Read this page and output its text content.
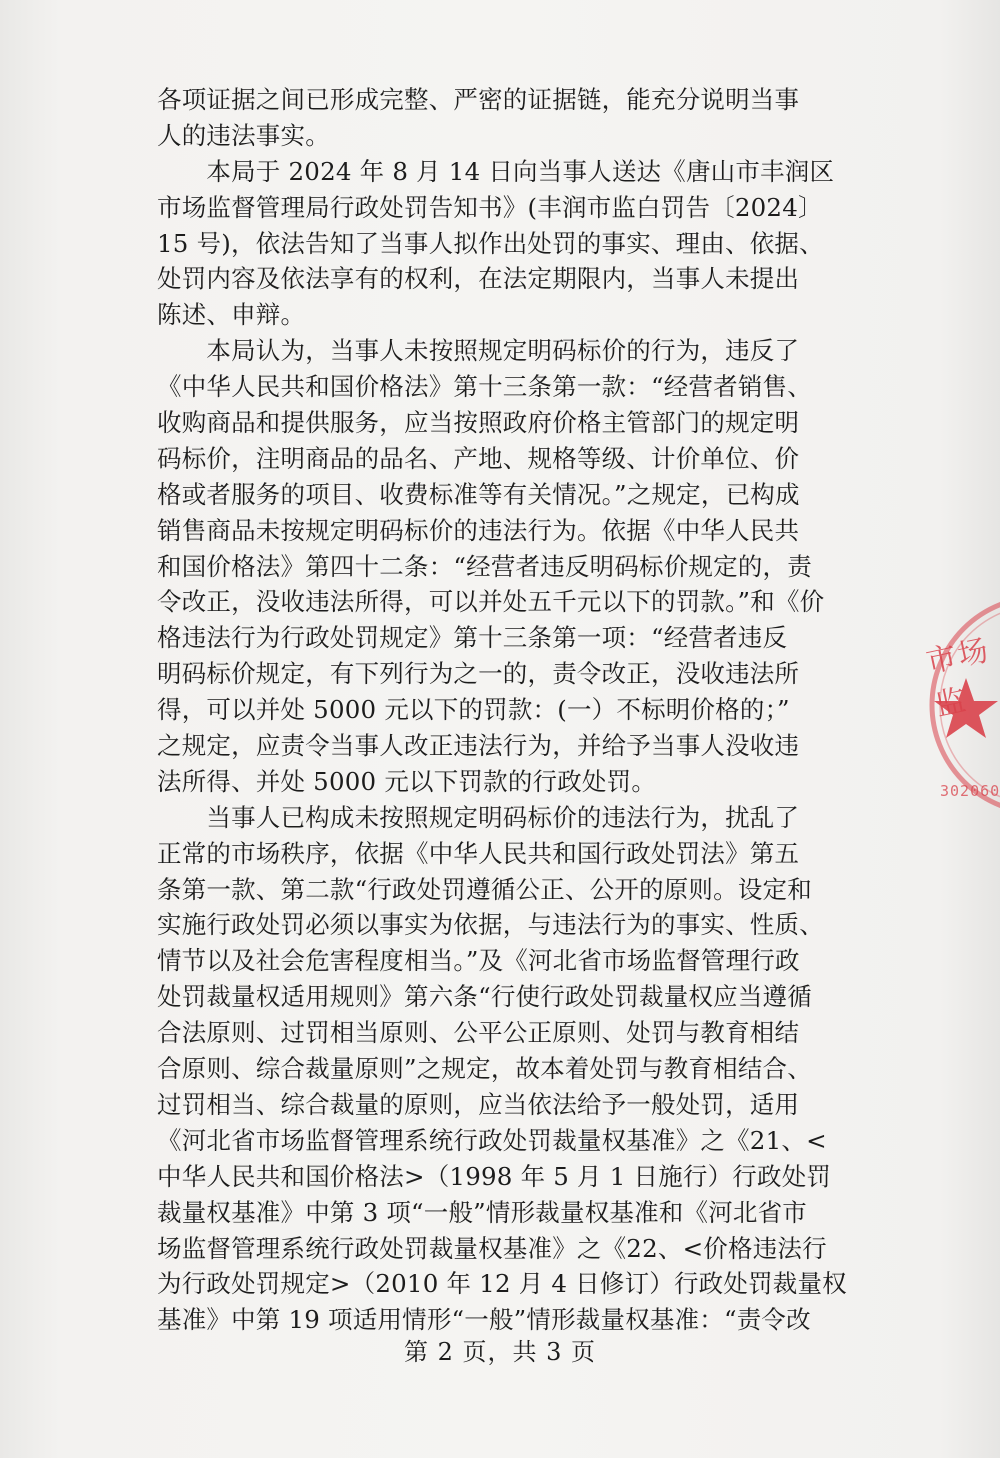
各项证据之间已形成完整、严密的证据链，能充分说明当事
人的违法事实。
　　本局于 2024 年 8 月 14 日向当事人送达《唐山市丰润区
市场监督管理局行政处罚告知书》(丰润市监白罚告〔2024〕
15 号)，依法告知了当事人拟作出处罚的事实、理由、依据、
处罚内容及依法享有的权利，在法定期限内，当事人未提出
陈述、申辩。
　　本局认为，当事人未按照规定明码标价的行为，违反了
《中华人民共和国价格法》第十三条第一款：“经营者销售、
收购商品和提供服务，应当按照政府价格主管部门的规定明
码标价，注明商品的品名、产地、规格等级、计价单位、价
格或者服务的项目、收费标准等有关情况。”之规定，已构成
销售商品未按规定明码标价的违法行为。依据《中华人民共
和国价格法》第四十二条：“经营者违反明码标价规定的，责
令改正，没收违法所得，可以并处五千元以下的罚款。”和《价
格违法行为行政处罚规定》第十三条第一项：“经营者违反
明码标价规定，有下列行为之一的，责令改正，没收违法所
得，可以并处 5000 元以下的罚款：(一）不标明价格的；”
之规定，应责令当事人改正违法行为，并给予当事人没收违
法所得、并处 5000 元以下罚款的行政处罚。
　　当事人已构成未按照规定明码标价的违法行为，扰乱了
正常的市场秩序，依据《中华人民共和国行政处罚法》第五
条第一款、第二款“行政处罚遵循公正、公开的原则。设定和
实施行政处罚必须以事实为依据，与违法行为的事实、性质、
情节以及社会危害程度相当。”及《河北省市场监督管理行政
处罚裁量权适用规则》第六条“行使行政处罚裁量权应当遵循
合法原则、过罚相当原则、公平公正原则、处罚与教育相结
合原则、综合裁量原则”之规定，故本着处罚与教育相结合、
过罚相当、综合裁量的原则，应当依法给予一般处罚，适用
《河北省市场监督管理系统行政处罚裁量权基准》之《21、<
中华人民共和国价格法>（1998 年 5 月 1 日施行）行政处罚
裁量权基准》中第 3 项“一般”情形裁量权基准和《河北省市
场监督管理系统行政处罚裁量权基准》之《22、<价格违法行
为行政处罚规定>（2010 年 12 月 4 日修订）行政处罚裁量权
基准》中第 19 项适用情形“一般”情形裁量权基准：“责令改
第 2 页，共 3 页
市场监
302060
